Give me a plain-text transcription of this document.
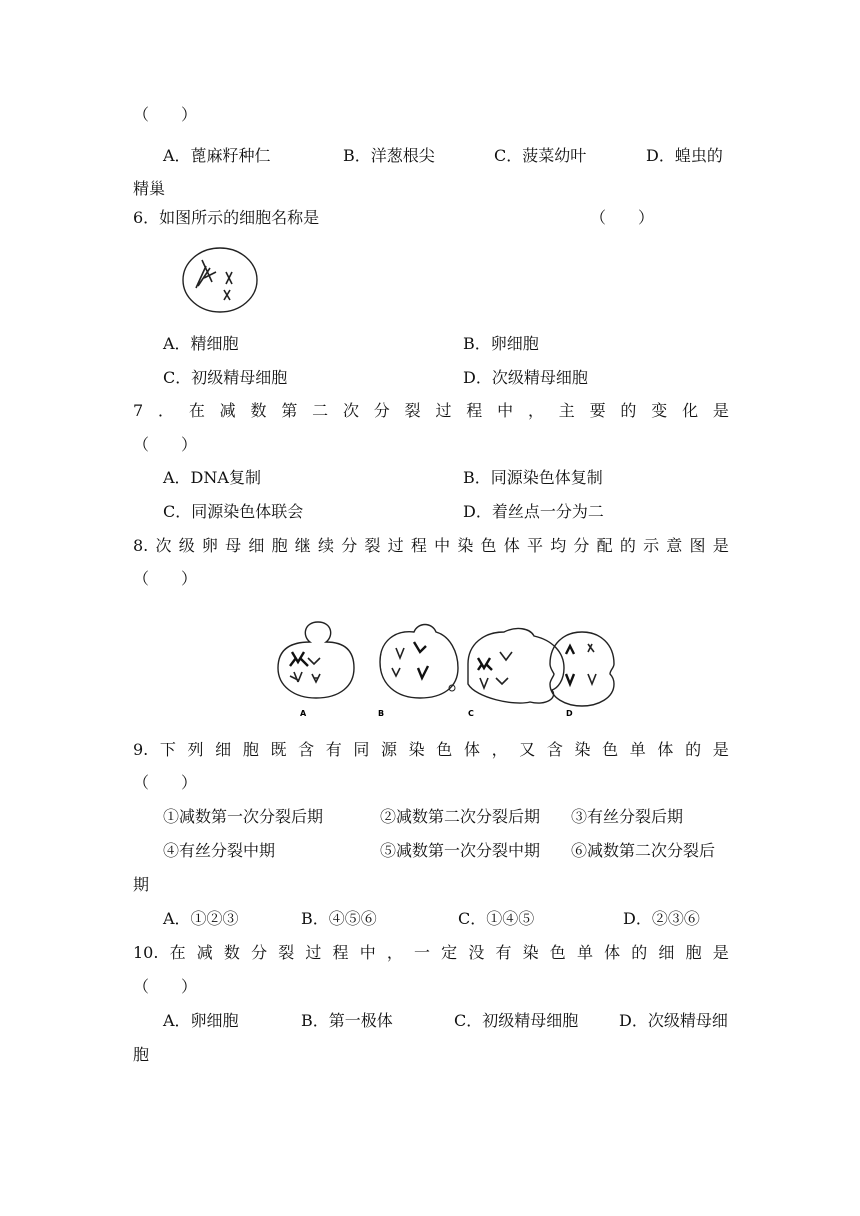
（　　）
A．蓖麻籽种仁	B．洋葱根尖	C．菠菜幼叶	D．蝗虫的
精巢
6．如图所示的细胞名称是	（　　）
A．精细胞	B．卵细胞
C．初级精母细胞	D．次级精母细胞
7 ． 在 减 数 第 二 次 分 裂 过 程 中 ， 主 要 的 变 化 是
（　　）
A．DNA复制	B．同源染色体复制
C．同源染色体联会	D．着丝点一分为二
8. 次 级 卵 母 细 胞 继 续 分 裂 过 程 中 染 色 体 平 均 分 配 的 示 意 图 是
（　　）
A	B	C	D
9. 下 列 细 胞 既 含 有 同 源 染 色 体 ， 又 含 染 色 单 体 的 是
（　　）
①减数第一次分裂后期	②减数第二次分裂后期 ③有丝分裂后期
④有丝分裂中期	⑤减数第一次分裂中期 ⑥减数第二次分裂后
期
A．①②③	B．④⑤⑥	C．①④⑤	D．②③⑥
10. 在 减 数 分 裂 过 程 中 ， 一 定 没 有 染 色 单 体 的 细 胞 是
（　　）
A．卵细胞	B．第一极体	C．初级精母细胞	D．次级精母细
胞
